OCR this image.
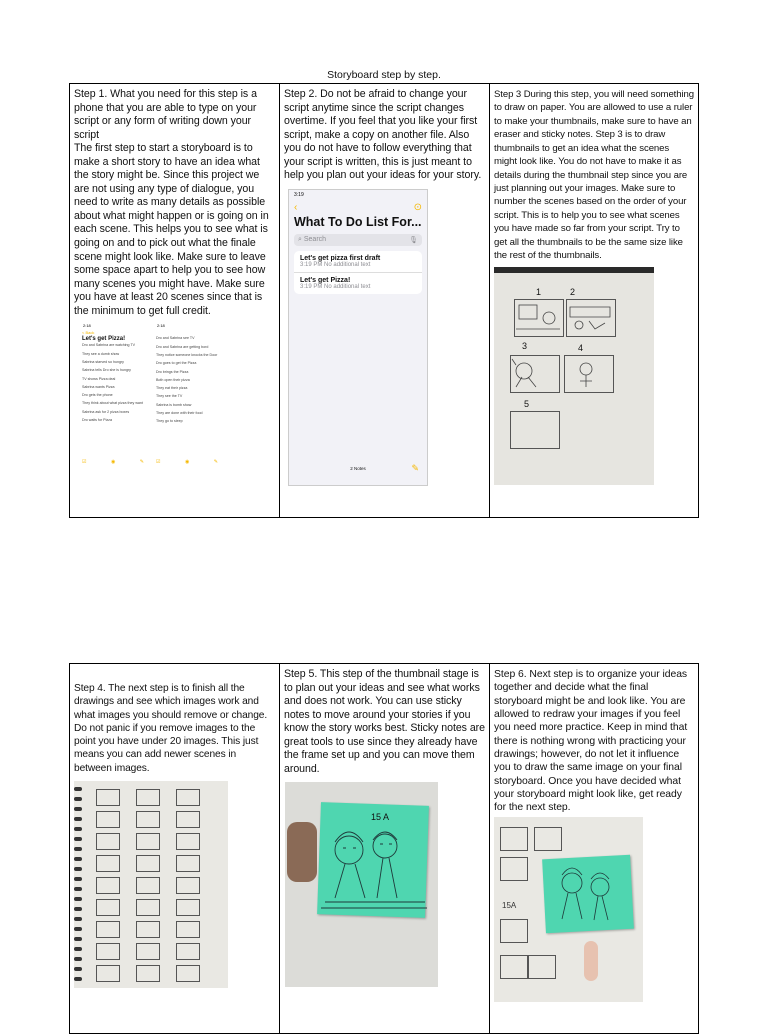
Storyboard step by step.
Step 1. What you need for this step is a phone that you are able to type on your script or any form of writing down your script
The first step to start a storyboard is to make a short story to have an idea what the story might be. Since this project we are not using any type of dialogue, you need to write as many details as possible about what might happen or is going on in each scene. This helps you to see what is going on and to pick out what the finale scene might look like. Make sure to leave some space apart to help you to see how many scenes you might have. Make sure you have at least 20 scenes since that is the minimum to get full credit.
2:18
< Back
Let's get Pizza!
Dro and Sabrina are watching TV
They see a dumb show
Sabrina starved so hungry
Sabrina tells Dro she is hungry
TV shows Pizza deal
Sabrina wants Pizza
Dro gets the phone
They think about what pizza they want
Sabrina ask for 2 pizza boxes
Dro waits for Pizza
☑	◉	✎
2:18
Dro and Sabrina see TV
Dro and Sabrina are getting bord
They notice someone knocks the Door
Dro goes to get the Pizza
Dro brings the Pizza
Both open their pizza
They eat their pizza
They see the TV
Sabrina is bomb show
They are done with their food
They go to sleep
☑	◉	✎

Step 2. Do not be afraid to change your script anytime since the script changes overtime. If you feel that you like your first script, make a copy on another file. Also you do not have to follow everything that your script is written, this is just meant to help you plan out your ideas for your story.
3:19
‹	⊙
What To Do List For...
⌕ Search	🎙
Let's get pizza first draft
3:19 PM No additional text
Let's get Pizza!
3:19 PM No additional text
2 Notes	✎

Step 3 During this step, you will need something to draw on paper. You are allowed to use a ruler to make your thumbnails, make sure to have an eraser and sticky notes. Step 3 is to draw thumbnails to get an idea what the scenes might look like. You do not have to make it as details during the thumbnail step since you are just planning out your images. Make sure to number the scenes based on the order of your script. This is to help you to see what scenes you have made so far from your script. Try to get all the thumbnails to be the same size like the rest of the thumbnails.
1	2
3	4
5
Step 4. The next step is to finish all the drawings and see which images work and what images you should remove or change. Do not panic if you remove images to the point you have under 20 images. This just means you can add newer scenes in between images.

Step 5. This step of the thumbnail stage is to plan out your ideas and see what works and does not work. You can use sticky notes to move around your stories if you know the story works best. Sticky notes are great tools to use since they already have the frame set up and you can move them around.
15 A

Step 6. Next step is to organize your ideas together and decide what the final storyboard might be and look like. You are allowed to redraw your images if you feel you need more practice. Keep in mind that there is nothing wrong with practicing your drawings; however, do not let it influence you to draw the same image on your final storyboard. Once you have decided what your storyboard might look like, get ready for the next step.
15A
